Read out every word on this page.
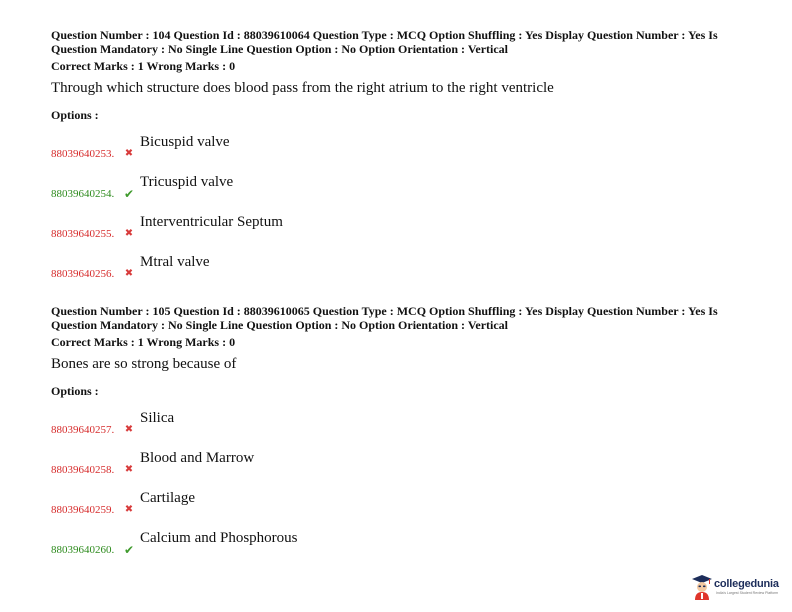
Question Number : 104 Question Id : 88039610064 Question Type : MCQ Option Shuffling : Yes Display Question Number : Yes Is Question Mandatory : No Single Line Question Option : No Option Orientation : Vertical

Correct Marks : 1 Wrong Marks : 0
Through which structure does blood pass from the right atrium to the right ventricle
Options :
88039640253. ✖
Bicuspid valve
88039640254. ✔
Tricuspid valve
88039640255. ✖
Interventricular Septum
88039640256. ✖
Mtral valve

Question Number : 105 Question Id : 88039610065 Question Type : MCQ Option Shuffling : Yes Display Question Number : Yes Is Question Mandatory : No Single Line Question Option : No Option Orientation : Vertical

Correct Marks : 1 Wrong Marks : 0
Bones are so strong because of
Options :
88039640257. ✖
Silica
88039640258. ✖
Blood and Marrow
88039640259. ✖
Cartilage
88039640260. ✔
Calcium and Phosphorous
collegedunia
India's Largest Student Review Platform
